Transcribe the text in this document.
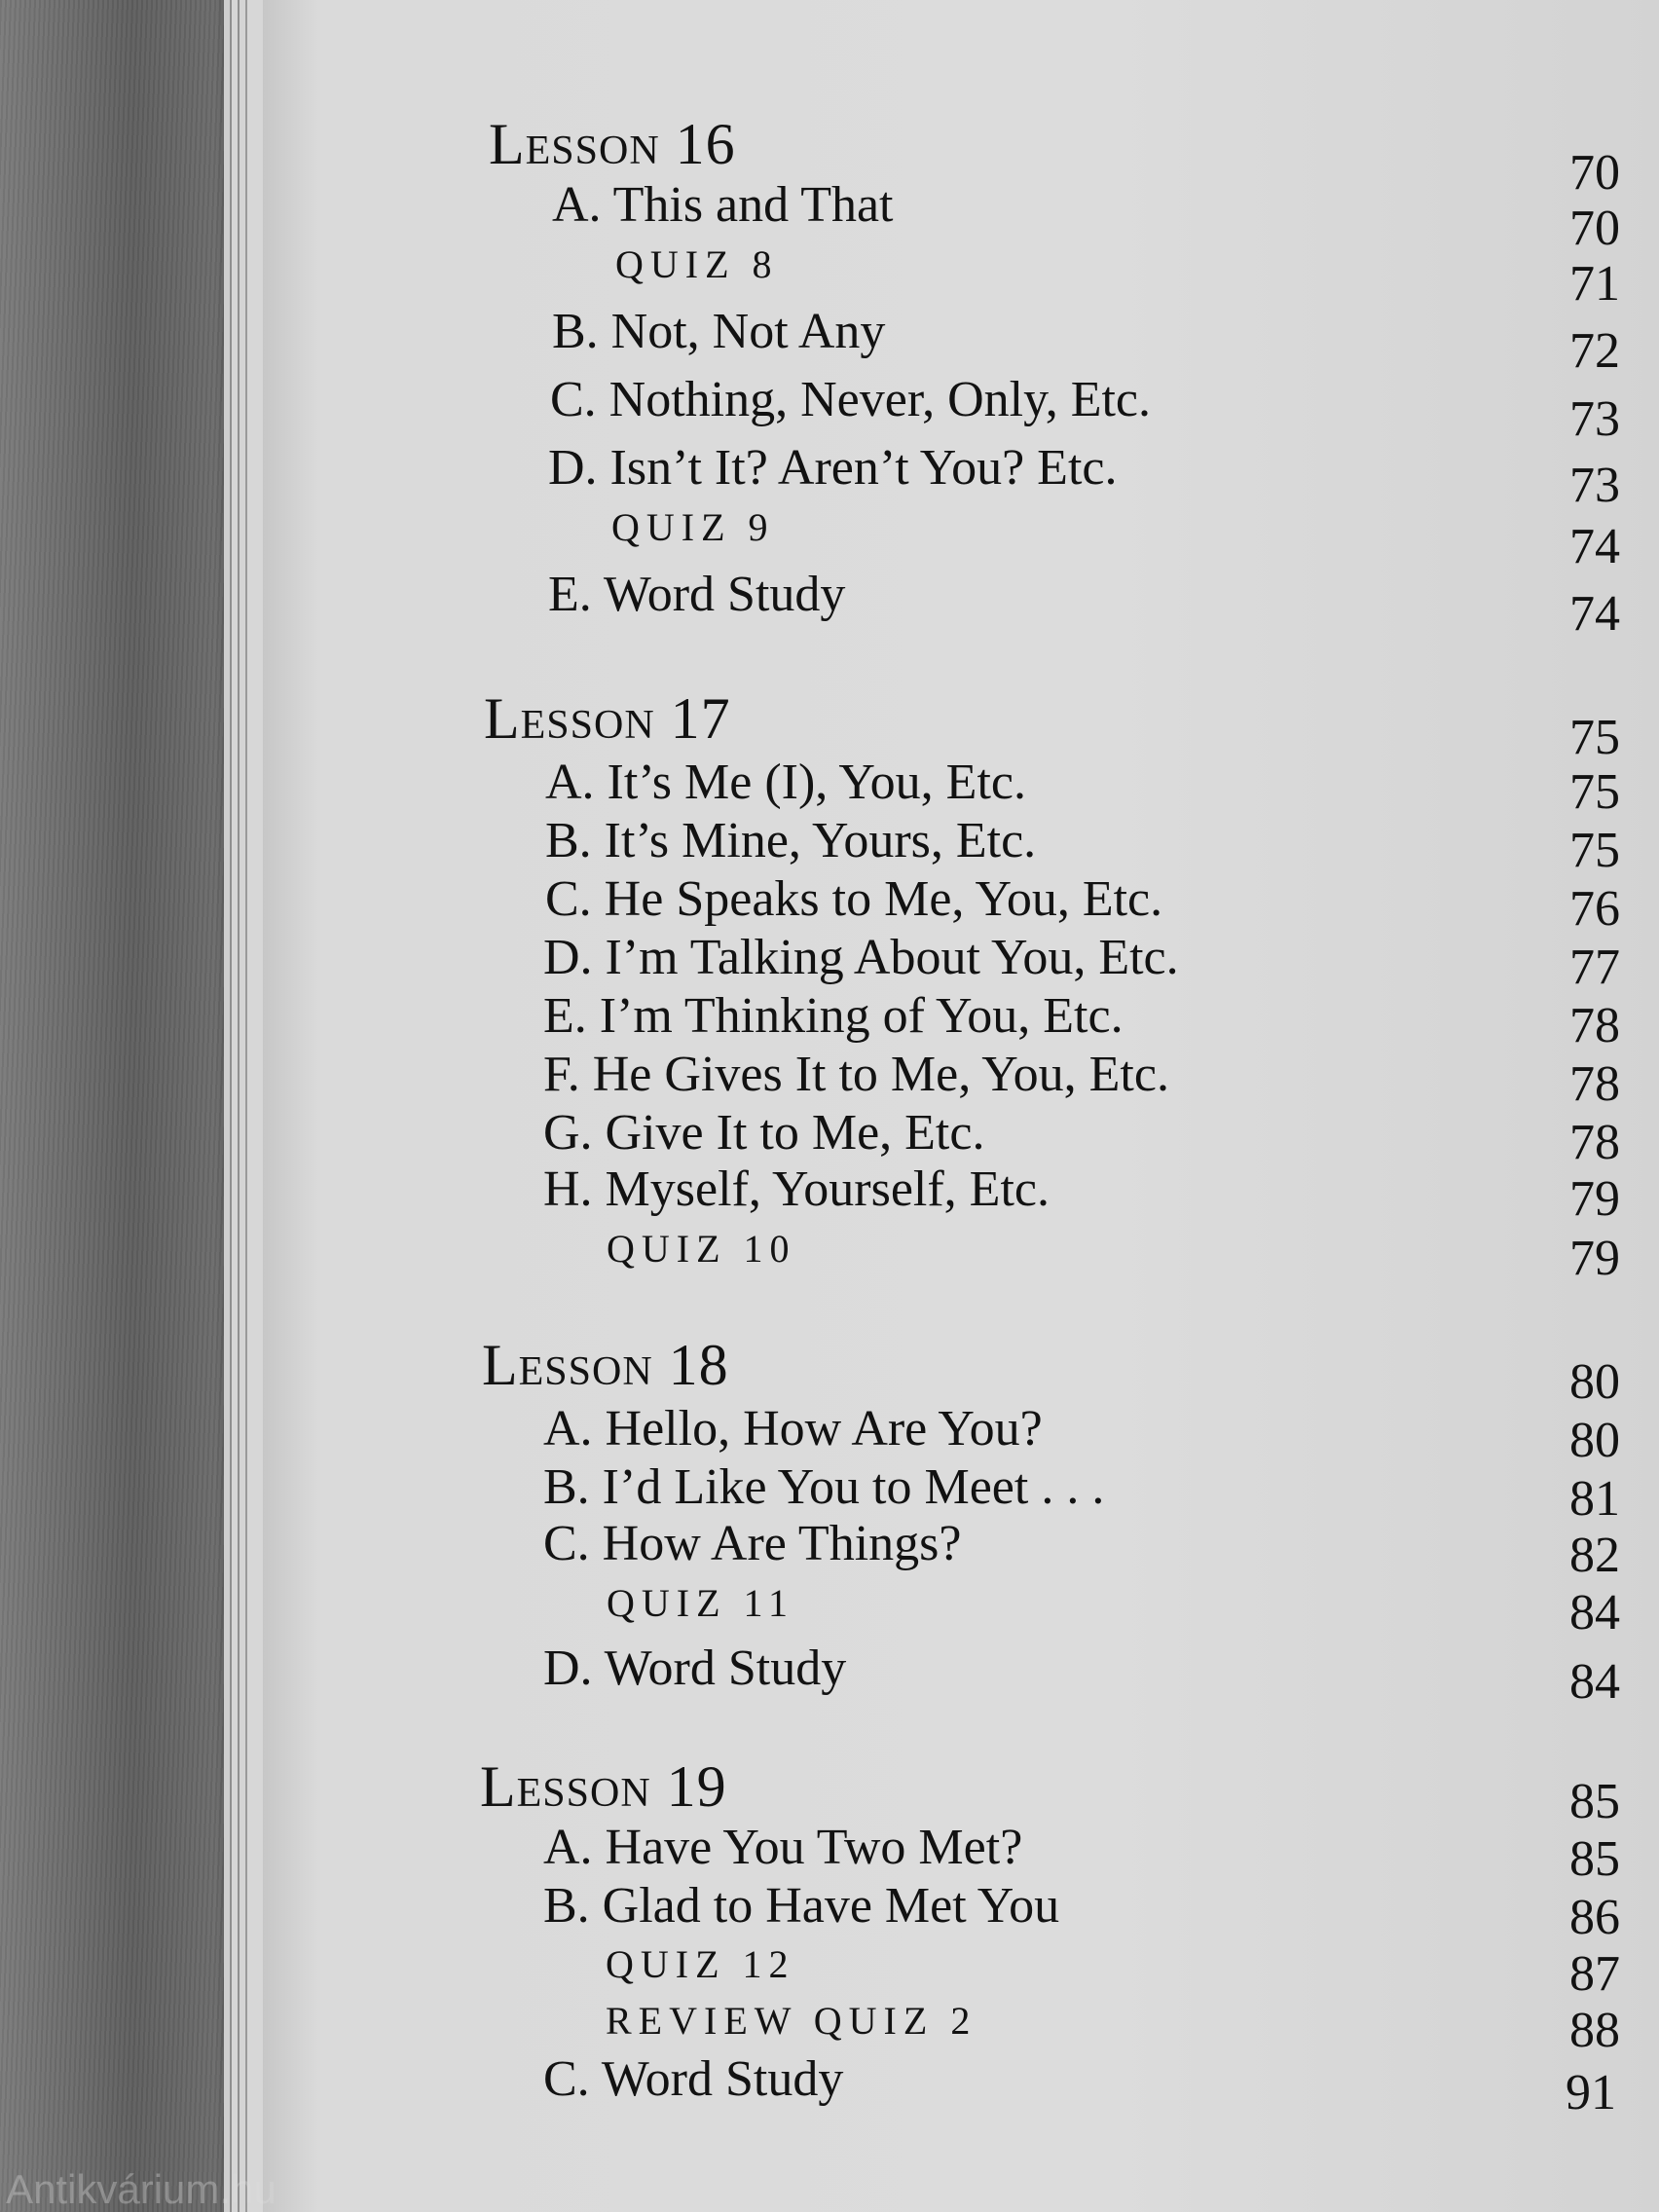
Lesson 16	70
A. This and That	70
QUIZ 8	71
B. Not, Not Any	72
C. Nothing, Never, Only, Etc.	73
D. Isn’t It? Aren’t You? Etc.	73
QUIZ 9	74
E. Word Study	74
Lesson 17	75
A. It’s Me (I), You, Etc.	75
B. It’s Mine, Yours, Etc.	75
C. He Speaks to Me, You, Etc.	76
D. I’m Talking About You, Etc.	77
E. I’m Thinking of You, Etc.	78
F. He Gives It to Me, You, Etc.	78
G. Give It to Me, Etc.	78
H. Myself, Yourself, Etc.	79
QUIZ 10	79
Lesson 18	80
A. Hello, How Are You?	80
B. I’d Like You to Meet . . .	81
C. How Are Things?	82
QUIZ 11	84
D. Word Study	84
Lesson 19	85
A. Have You Two Met?	85
B. Glad to Have Met You	86
QUIZ 12	87
REVIEW QUIZ 2	88
C. Word Study	91
Antikvárium.hu
